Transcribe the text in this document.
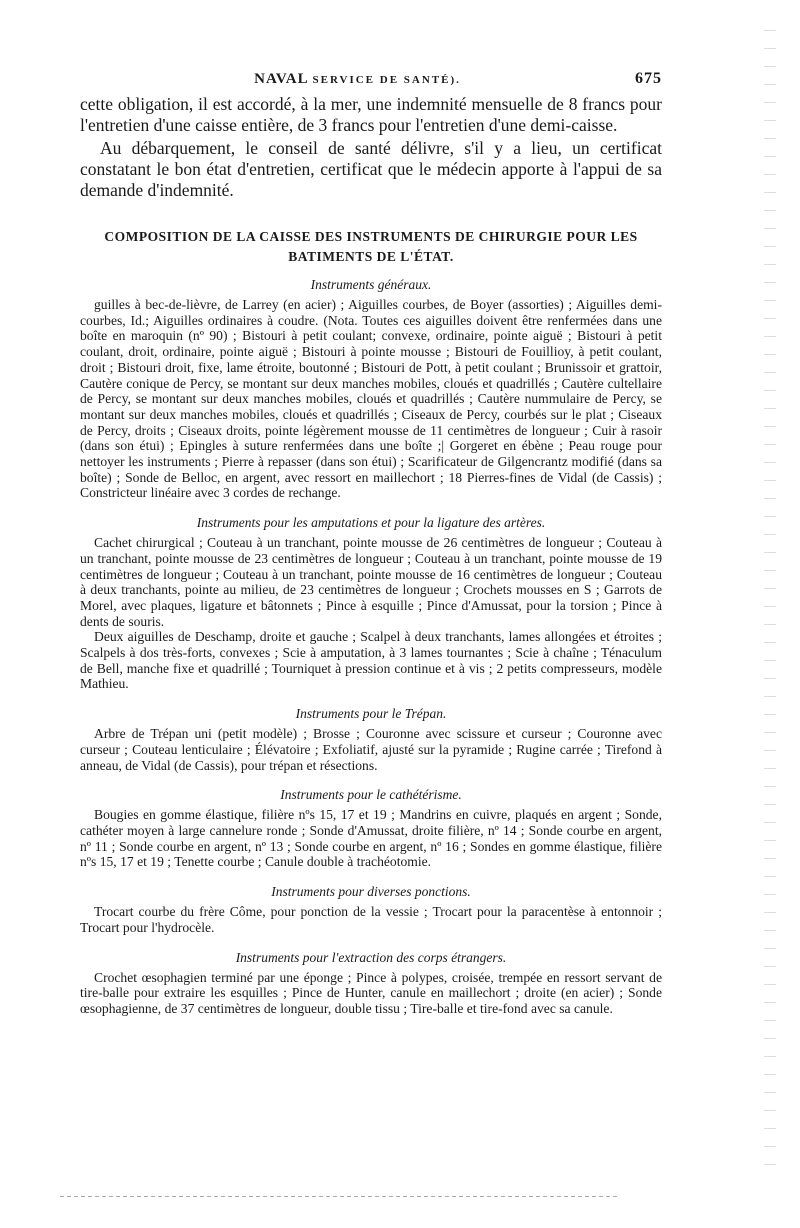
NAVAL SERVICE DE SANTÉ).	675

cette obligation, il est accordé, à la mer, une indemnité mensuelle de 8 francs pour l'entretien d'une caisse entière, de 3 francs pour l'entretien d'une demi-caisse.

Au débarquement, le conseil de santé délivre, s'il y a lieu, un certificat constatant le bon état d'entretien, certificat que le médecin apporte à l'appui de sa demande d'indemnité.

COMPOSITION DE LA CAISSE DES INSTRUMENTS DE CHIRURGIE POUR LES BATIMENTS DE L'ÉTAT.
Instruments généraux.

guilles à bec-de-lièvre, de Larrey (en acier) ; Aiguilles courbes, de Boyer (assorties) ; Aiguilles demi-courbes, Id.; Aiguilles ordinaires à coudre. (Nota. Toutes ces aiguilles doivent être renfermées dans une boîte en maroquin (nº 90) ; Bistouri à petit coulant; convexe, ordinaire, pointe aiguë ; Bistouri à petit coulant, droit, ordinaire, pointe aiguë ; Bistouri à pointe mousse ; Bistouri de Fouillioy, à petit coulant, droit ; Bistouri droit, fixe, lame étroite, boutonné ; Bistouri de Pott, à petit coulant ; Brunissoir et grattoir, Cautère conique de Percy, se montant sur deux manches mobiles, cloués et quadrillés ; Cautère cultellaire de Percy, se montant sur deux manches mobiles, cloués et quadrillés ; Cautère nummulaire de Percy, se montant sur deux manches mobiles, cloués et quadrillés ; Ciseaux de Percy, courbés sur le plat ; Ciseaux de Percy, droits ; Ciseaux droits, pointe légèrement mousse de 11 centimètres de longueur ; Cuir à rasoir (dans son étui) ; Epingles à suture renfermées dans une boîte ;| Gorgeret en ébène ; Peau rouge pour nettoyer les instruments ; Pierre à repasser (dans son étui) ; Scarificateur de Gilgencrantz modifié (dans sa boîte) ; Sonde de Belloc, en argent, avec ressort en maillechort ; 18 Pierres-fines de Vidal (de Cassis) ; Constricteur linéaire avec 3 cordes de rechange.

Instruments pour les amputations et pour la ligature des artères.

Cachet chirurgical ; Couteau à un tranchant, pointe mousse de 26 centimètres de longueur ; Couteau à un tranchant, pointe mousse de 23 centimètres de longueur ; Couteau à un tranchant, pointe mousse de 19 centimètres de longueur ; Couteau à un tranchant, pointe mousse de 16 centimètres de longueur ; Couteau à deux tranchants, pointe au milieu, de 23 centimètres de longueur ; Crochets mousses en S ; Garrots de Morel, avec plaques, ligature et bâtonnets ; Pince à esquille ; Pince d'Amussat, pour la torsion ; Pince à dents de souris.

Deux aiguilles de Deschamp, droite et gauche ; Scalpel à deux tranchants, lames allongées et étroites ; Scalpels à dos très-forts, convexes ; Scie à amputation, à 3 lames tournantes ; Scie à chaîne ; Ténaculum de Bell, manche fixe et quadrillé ; Tourniquet à pression continue et à vis ; 2 petits compresseurs, modèle Mathieu.

Instruments pour le Trépan.

Arbre de Trépan uni (petit modèle) ; Brosse ; Couronne avec scissure et curseur ; Couronne avec curseur ; Couteau lenticulaire ; Élévatoire ; Exfoliatif, ajusté sur la pyramide ; Rugine carrée ; Tirefond à anneau, de Vidal (de Cassis), pour trépan et résections.

Instruments pour le cathétérisme.

Bougies en gomme élastique, filière nºs 15, 17 et 19 ; Mandrins en cuivre, plaqués en argent ; Sonde, cathéter moyen à large cannelure ronde ; Sonde d'Amussat, droite filière, nº 14 ; Sonde courbe en argent, nº 11 ; Sonde courbe en argent, nº 13 ; Sonde courbe en argent, nº 16 ; Sondes en gomme élastique, filière nºs 15, 17 et 19 ; Tenette courbe ; Canule double à trachéotomie.

Instruments pour diverses ponctions.

Trocart courbe du frère Côme, pour ponction de la vessie ; Trocart pour la paracentèse à entonnoir ; Trocart pour l'hydrocèle.

Instruments pour l'extraction des corps étrangers.

Crochet œsophagien terminé par une éponge ; Pince à polypes, croisée, trempée en ressort servant de tire-balle pour extraire les esquilles ; Pince de Hunter, canule en maillechort ; droite (en acier) ; Sonde œsophagienne, de 37 centimètres de longueur, double tissu ; Tire-balle et tire-fond avec sa canule.
